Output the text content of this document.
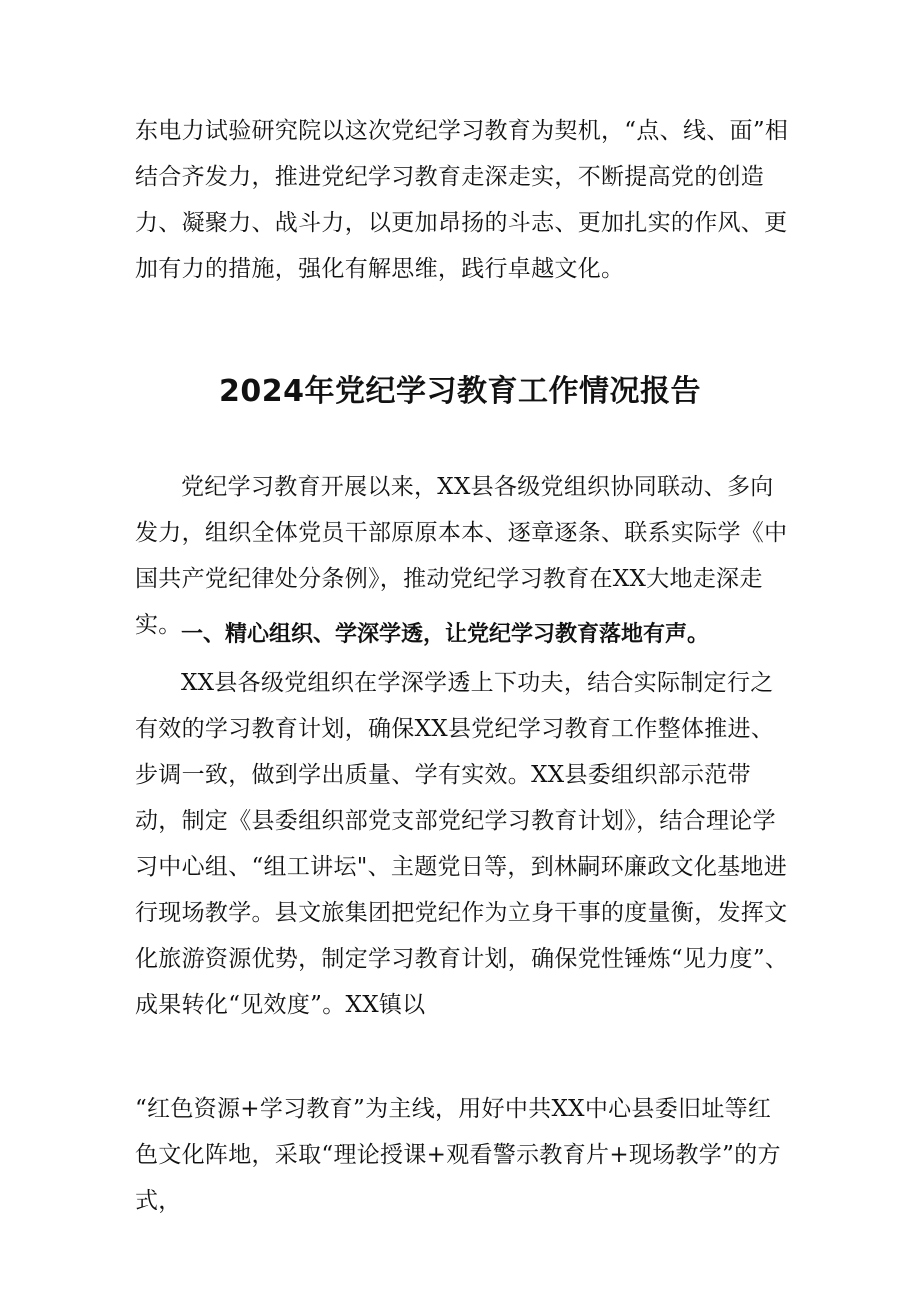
东电力试验研究院以这次党纪学习教育为契机，“点、线、面”相结合齐发力，推进党纪学习教育走深走实，不断提高党的创造力、凝聚力、战斗力，以更加昂扬的斗志、更加扎实的作风、更加有力的措施，强化有解思维，践行卓越文化。

2024年党纪学习教育工作情况报告

党纪学习教育开展以来，XX县各级党组织协同联动、多向发力，组织全体党员干部原原本本、逐章逐条、联系实际学《中国共产党纪律处分条例》，推动党纪学习教育在XX大地走深走实。 一、精心组织、学深学透，让党纪学习教育落地有声。

XX县各级党组织在学深学透上下功夫，结合实际制定行之有效的学习教育计划，确保XX县党纪学习教育工作整体推进、步调一致，做到学出质量、学有实效。XX县委组织部示范带动，制定《县委组织部党支部党纪学习教育计划》，结合理论学习中心组、“组工讲坛"、主题党日等，到林嗣环廉政文化基地进行现场教学。县文旅集团把党纪作为立身干事的度量衡，发挥文化旅游资源优势，制定学习教育计划，确保党性锤炼“见力度”、成果转化“见效度”。XX镇以

“红色资源+学习教育”为主线，用好中共XX中心县委旧址等红色文化阵地，采取“理论授课+观看警示教育片+现场教学”的方式，
